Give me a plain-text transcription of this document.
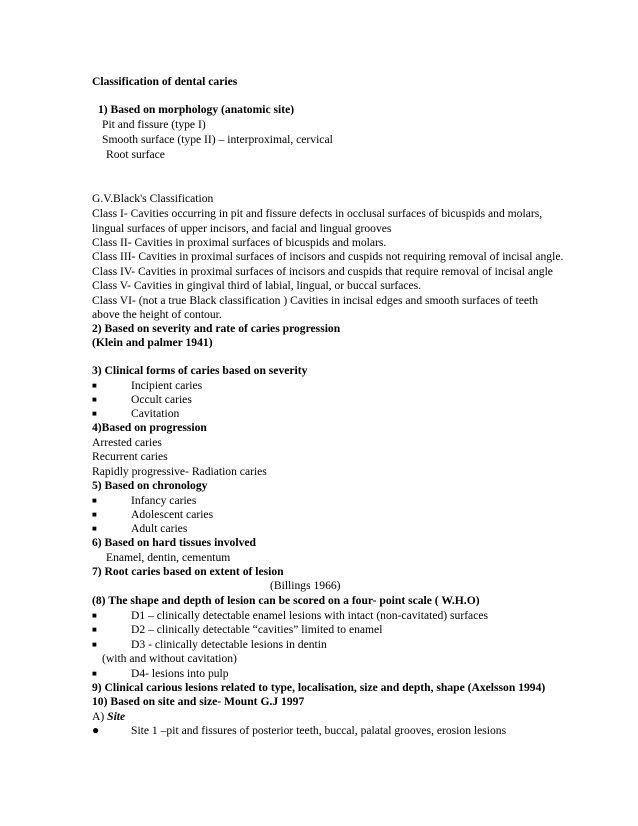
Classification of dental caries
1) Based on morphology (anatomic site)
Pit and fissure (type I)
Smooth surface (type II) – interproximal, cervical
Root surface
G.V.Black's Classification
Class I- Cavities occurring in pit and fissure defects in occlusal surfaces of bicuspids and molars,
lingual surfaces of upper incisors, and facial and lingual grooves
Class II- Cavities in proximal surfaces of bicuspids and molars.
Class III- Cavities in proximal surfaces of incisors and cuspids not requiring removal of incisal angle.
Class IV- Cavities in proximal surfaces of incisors and cuspids that require removal of incisal angle
Class V- Cavities in gingival third of labial, lingual, or buccal surfaces.
Class VI- (not a true Black classification ) Cavities in incisal edges and smooth surfaces of teeth
above the height of contour.
2) Based on severity and rate of caries progression
(Klein and palmer 1941)
3) Clinical forms of caries based on severity
■	Incipient caries
■	Occult caries
■	Cavitation
4)Based on progression
Arrested caries
Recurrent caries
Rapidly progressive- Radiation caries
5) Based on chronology
■	Infancy caries
■	Adolescent caries
■	Adult caries
6) Based on hard tissues involved
Enamel, dentin, cementum
7) Root caries based on extent of lesion
(Billings 1966)
(8) The shape and depth of lesion can be scored on a four- point scale ( W.H.O)
■	D1 – clinically detectable enamel lesions with intact (non-cavitated) surfaces
■	D2 – clinically detectable “cavities” limited to enamel
■	D3 - clinically detectable lesions in dentin
(with and without cavitation)
■	D4- lesions into pulp
9) Clinical carious lesions related to type, localisation, size and depth, shape (Axelsson 1994)
10) Based on site and size- Mount G.J 1997
A) Site
●	Site 1 –pit and fissures of posterior teeth, buccal, palatal grooves, erosion lesions
